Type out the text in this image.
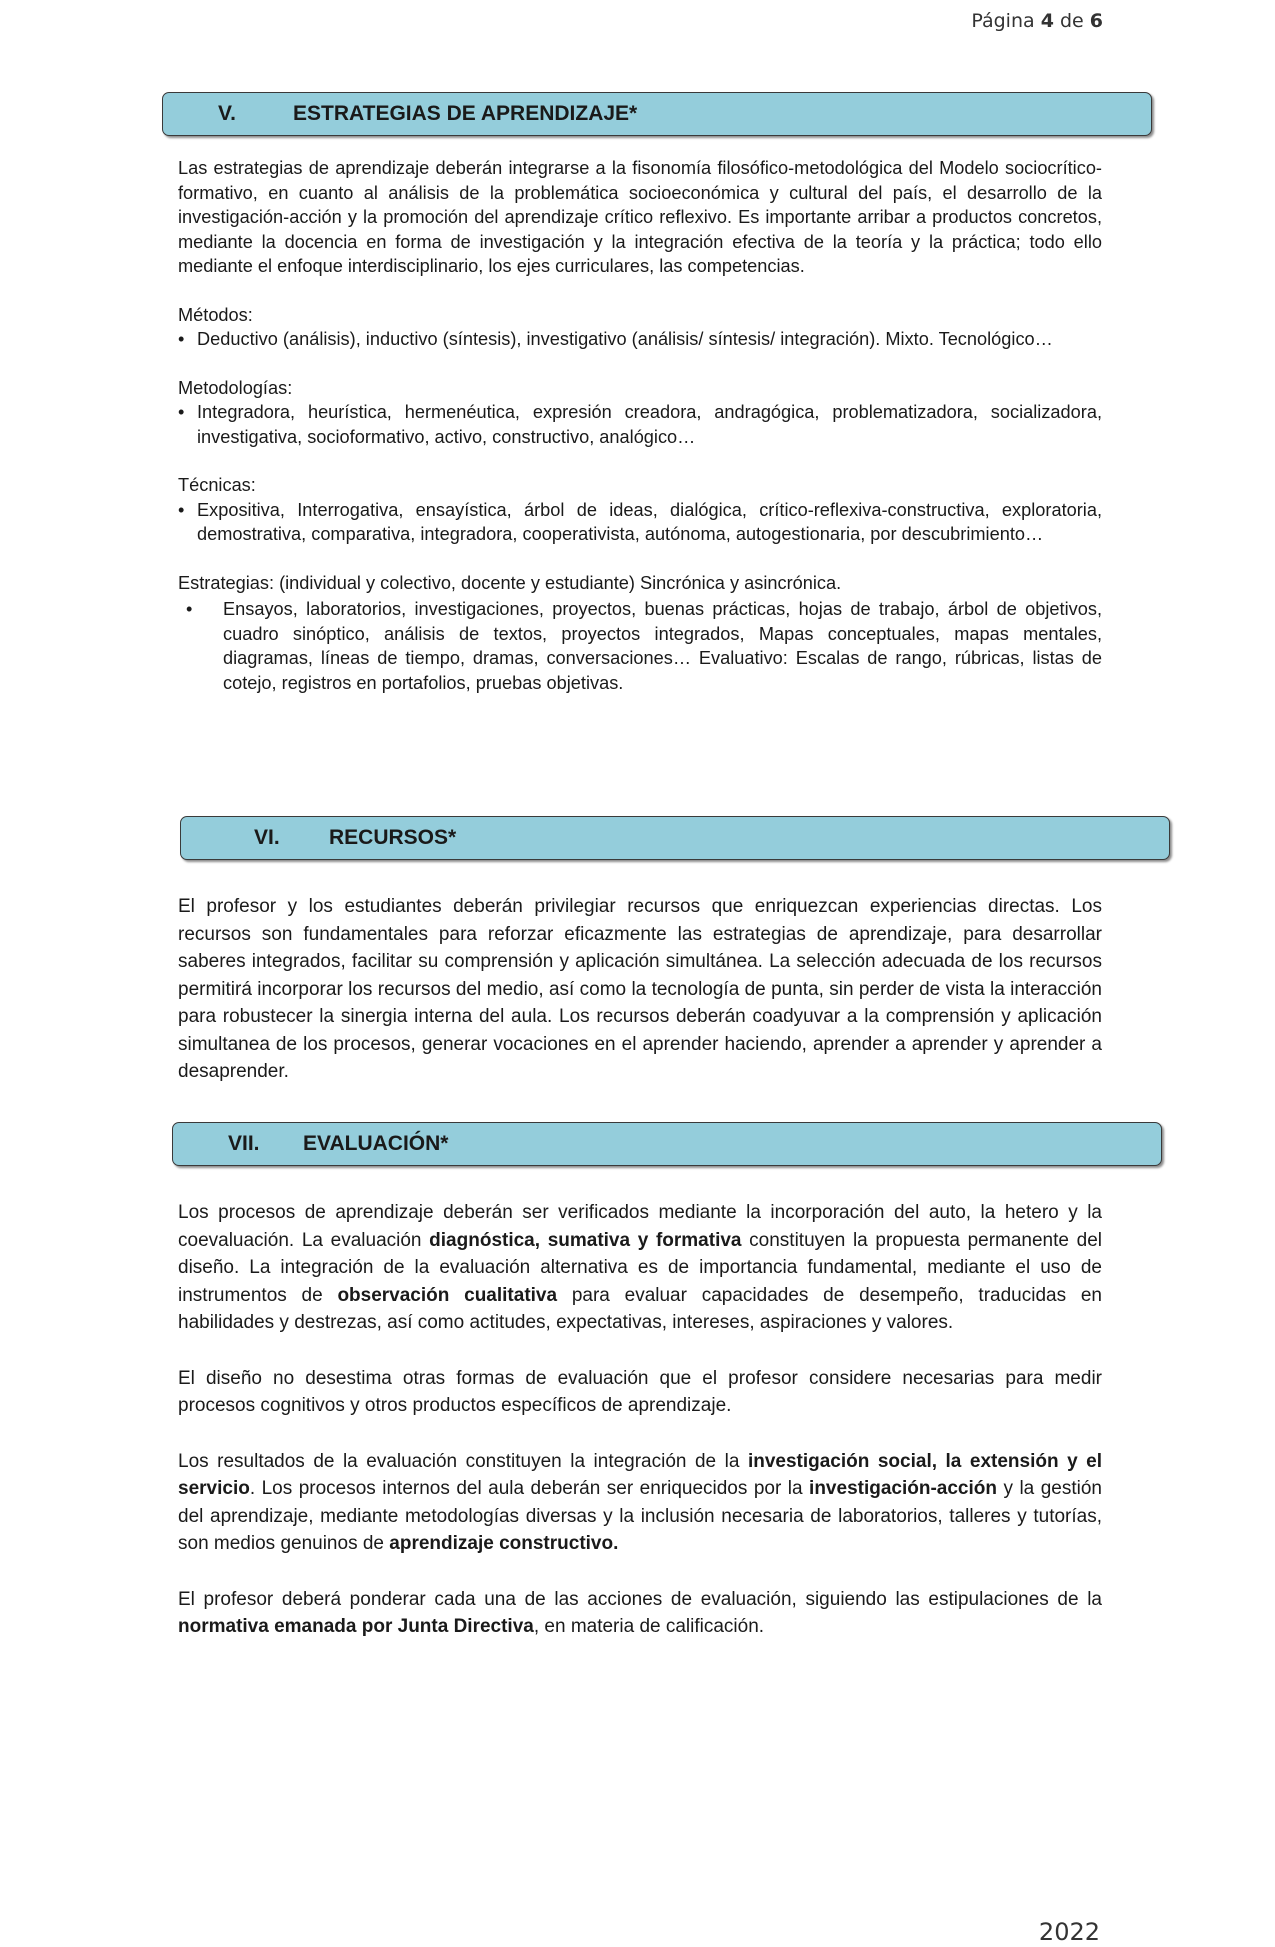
Página 4 de 6
V.	ESTRATEGIAS DE APRENDIZAJE*

Las estrategias de aprendizaje deberán integrarse a la fisonomía filosófico-metodológica del Modelo sociocrítico-formativo, en cuanto al análisis de la problemática socioeconómica y cultural del país, el desarrollo de la investigación-acción y la promoción del aprendizaje crítico reflexivo. Es importante arribar a productos concretos, mediante la docencia en forma de investigación y la integración efectiva de la teoría y la práctica; todo ello mediante el enfoque interdisciplinario, los ejes curriculares, las competencias.

Métodos:

• Deductivo (análisis), inductivo (síntesis), investigativo (análisis/ síntesis/ integración). Mixto. Tecnológico…

Metodologías:

• Integradora, heurística, hermenéutica, expresión creadora, andragógica, problematizadora, socializadora, investigativa, socioformativo, activo, constructivo, analógico…

Técnicas:

• Expositiva, Interrogativa, ensayística, árbol de ideas, dialógica, crítico-reflexiva-constructiva, exploratoria, demostrativa, comparativa, integradora, cooperativista, autónoma, autogestionaria, por descubrimiento…

Estrategias: (individual y colectivo, docente y estudiante) Sincrónica y asincrónica.

• Ensayos, laboratorios, investigaciones, proyectos, buenas prácticas, hojas de trabajo, árbol de objetivos, cuadro sinóptico, análisis de textos, proyectos integrados, Mapas conceptuales, mapas mentales, diagramas, líneas de tiempo, dramas, conversaciones… Evaluativo: Escalas de rango, rúbricas, listas de cotejo, registros en portafolios, pruebas objetivas.
VI. RECURSOS*

El profesor y los estudiantes deberán privilegiar recursos que enriquezcan experiencias directas. Los recursos son fundamentales para reforzar eficazmente las estrategias de aprendizaje, para desarrollar saberes integrados, facilitar su comprensión y aplicación simultánea. La selección adecuada de los recursos permitirá incorporar los recursos del medio, así como la tecnología de punta, sin perder de vista la interacción para robustecer la sinergia interna del aula. Los recursos deberán coadyuvar a la comprensión y aplicación simultanea de los procesos, generar vocaciones en el aprender haciendo, aprender a aprender y aprender a desaprender.

VII. EVALUACIÓN*

Los procesos de aprendizaje deberán ser verificados mediante la incorporación del auto, la hetero y la coevaluación. La evaluación diagnóstica, sumativa y formativa constituyen la propuesta permanente del diseño. La integración de la evaluación alternativa es de importancia fundamental, mediante el uso de instrumentos de observación cualitativa para evaluar capacidades de desempeño, traducidas en habilidades y destrezas, así como actitudes, expectativas, intereses, aspiraciones y valores.

El diseño no desestima otras formas de evaluación que el profesor considere necesarias para medir procesos cognitivos y otros productos específicos de aprendizaje.

Los resultados de la evaluación constituyen la integración de la investigación social, la extensión y el servicio. Los procesos internos del aula deberán ser enriquecidos por la investigación-acción y la gestión del aprendizaje, mediante metodologías diversas y la inclusión necesaria de laboratorios, talleres y tutorías, son medios genuinos de aprendizaje constructivo.

El profesor deberá ponderar cada una de las acciones de evaluación, siguiendo las estipulaciones de la normativa emanada por Junta Directiva, en materia de calificación.

2022
